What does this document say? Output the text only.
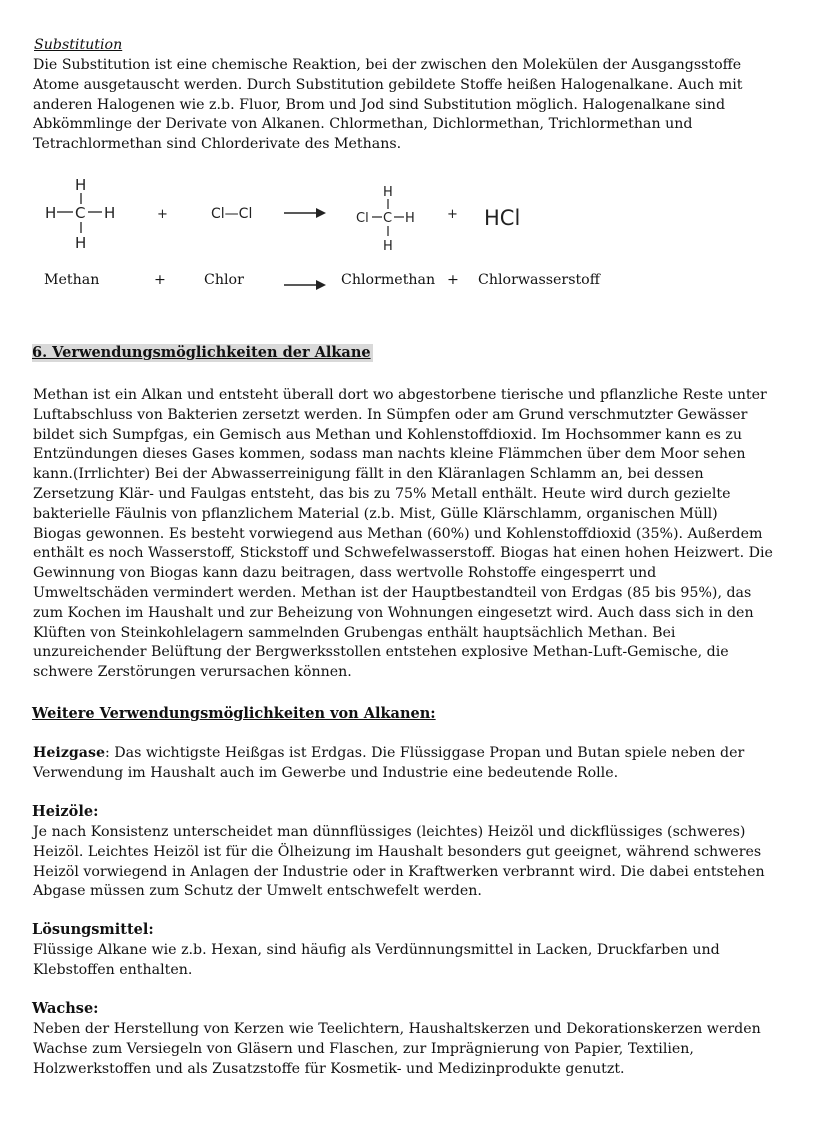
Substitution
Die Substitution ist eine chemische Reaktion, bei der zwischen den Molekülen der Ausgangsstoffe
Atome ausgetauscht werden. Durch Substitution gebildete Stoffe heißen Halogenalkane. Auch mit
anderen Halogenen wie z.b. Fluor, Brom und Jod sind Substitution möglich. Halogenalkane sind
Abkömmlinge der Derivate von Alkanen. Chlormethan, Dichlormethan, Trichlormethan und
Tetrachlormethan sind Chlorderivate des Methans.
H
H C H
H
+	Cl—Cl
H
Cl C H
H
+ HCl
Methan	+	Chlor	Chlormethan + Chlorwasserstoff
6. Verwendungsmöglichkeiten der Alkane
Methan ist ein Alkan und entsteht überall dort wo abgestorbene tierische und pflanzliche Reste unter
Luftabschluss von Bakterien zersetzt werden. In Sümpfen oder am Grund verschmutzter Gewässer
bildet sich Sumpfgas, ein Gemisch aus Methan und Kohlenstoffdioxid. Im Hochsommer kann es zu
Entzündungen dieses Gases kommen, sodass man nachts kleine Flämmchen über dem Moor sehen
kann.(Irrlichter) Bei der Abwasserreinigung fällt in den Kläranlagen Schlamm an, bei dessen
Zersetzung Klär- und Faulgas entsteht, das bis zu 75% Metall enthält. Heute wird durch gezielte
bakterielle Fäulnis von pflanzlichem Material (z.b. Mist, Gülle Klärschlamm, organischen Müll)
Biogas gewonnen. Es besteht vorwiegend aus Methan (60%) und Kohlenstoffdioxid (35%). Außerdem
enthält es noch Wasserstoff, Stickstoff und Schwefelwasserstoff. Biogas hat einen hohen Heizwert. Die
Gewinnung von Biogas kann dazu beitragen, dass wertvolle Rohstoffe eingesperrt und
Umweltschäden vermindert werden. Methan ist der Hauptbestandteil von Erdgas (85 bis 95%), das
zum Kochen im Haushalt und zur Beheizung von Wohnungen eingesetzt wird. Auch dass sich in den
Klüften von Steinkohlelagern sammelnden Grubengas enthält hauptsächlich Methan. Bei
unzureichender Belüftung der Bergwerksstollen entstehen explosive Methan-Luft-Gemische, die
schwere Zerstörungen verursachen können.
Weitere Verwendungsmöglichkeiten von Alkanen:
Heizgase: Das wichtigste Heißgas ist Erdgas. Die Flüssiggase Propan und Butan spiele neben der
Verwendung im Haushalt auch im Gewerbe und Industrie eine bedeutende Rolle.
Heizöle:
Je nach Konsistenz unterscheidet man dünnflüssiges (leichtes) Heizöl und dickflüssiges (schweres)
Heizöl. Leichtes Heizöl ist für die Ölheizung im Haushalt besonders gut geeignet, während schweres
Heizöl vorwiegend in Anlagen der Industrie oder in Kraftwerken verbrannt wird. Die dabei entstehen
Abgase müssen zum Schutz der Umwelt entschwefelt werden.
Lösungsmittel:
Flüssige Alkane wie z.b. Hexan, sind häufig als Verdünnungsmittel in Lacken, Druckfarben und
Klebstoffen enthalten.
Wachse:
Neben der Herstellung von Kerzen wie Teelichtern, Haushaltskerzen und Dekorationskerzen werden
Wachse zum Versiegeln von Gläsern und Flaschen, zur Imprägnierung von Papier, Textilien,
Holzwerkstoffen und als Zusatzstoffe für Kosmetik- und Medizinprodukte genutzt.
